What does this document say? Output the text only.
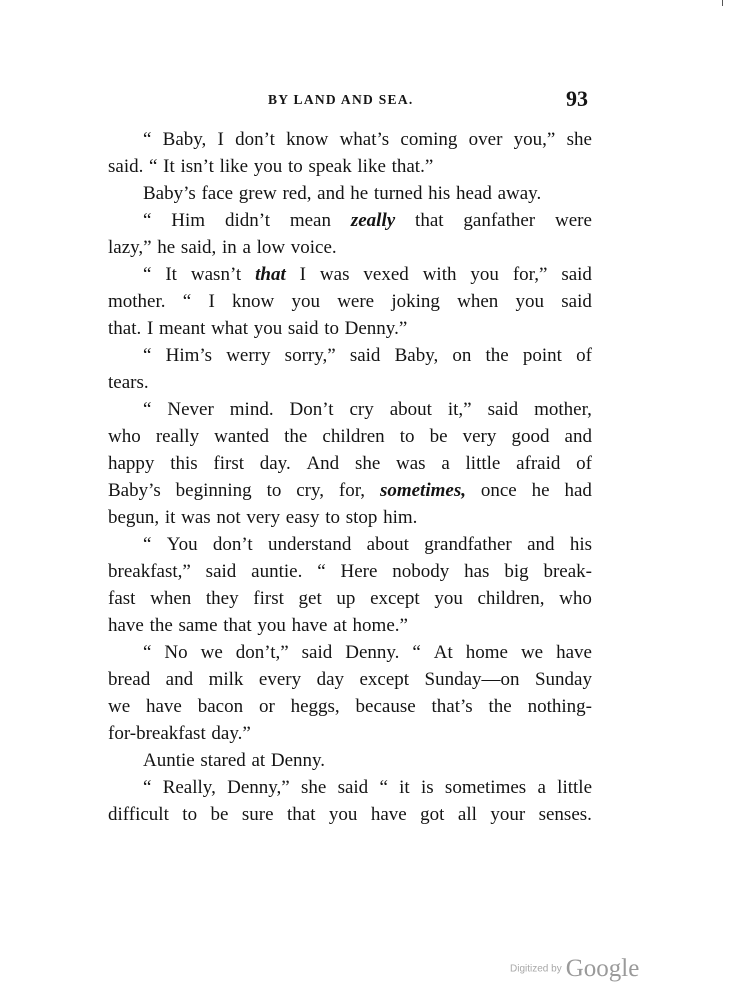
BY LAND AND SEA.	93
“ Baby, I don’t know what’s coming over you,” she
said. “ It isn’t like you to speak like that.”
Baby’s face grew red, and he turned his head away.
“ Him didn’t mean zeally that ganfather were
lazy,” he said, in a low voice.
“ It wasn’t that I was vexed with you for,” said
mother. “ I know you were joking when you said
that. I meant what you said to Denny.”
“ Him’s werry sorry,” said Baby, on the point of
tears.
“ Never mind. Don’t cry about it,” said mother,
who really wanted the children to be very good and
happy this first day. And she was a little afraid of
Baby’s beginning to cry, for, sometimes, once he had
begun, it was not very easy to stop him.
“ You don’t understand about grandfather and his
breakfast,” said auntie. “ Here nobody has big break-
fast when they first get up except you children, who
have the same that you have at home.”
“ No we don’t,” said Denny. “ At home we have
bread and milk every day except Sunday—on Sunday
we have bacon or heggs, because that’s the nothing-
for-breakfast day.”
Auntie stared at Denny.
“ Really, Denny,” she said “ it is sometimes a little
difficult to be sure that you have got all your senses.
Digitized by Google
